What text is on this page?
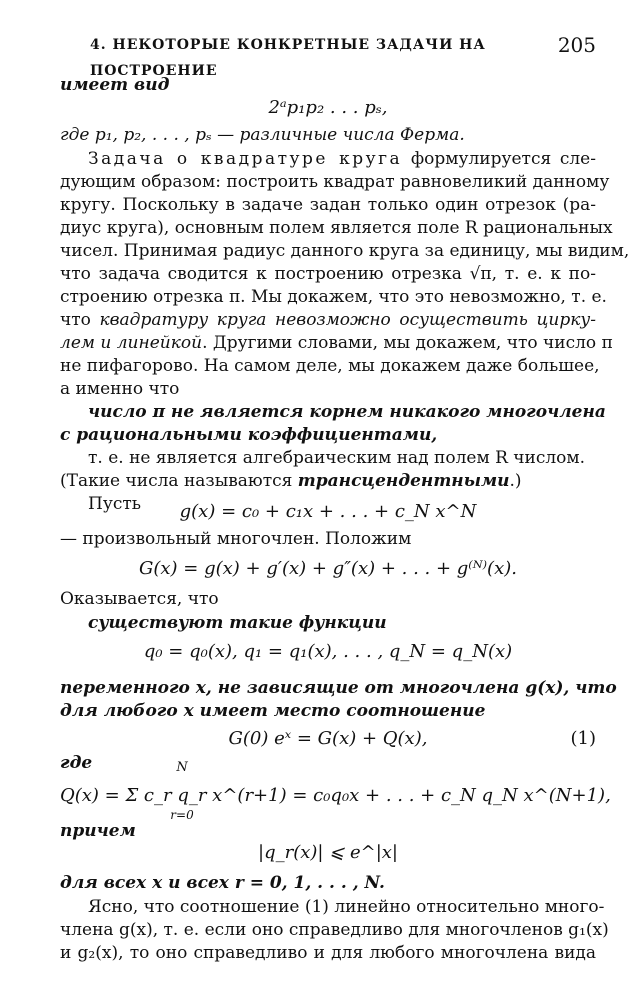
4. НЕКОТОРЫЕ КОНКРЕТНЫЕ ЗАДАЧИ НА ПОСТРОЕНИЕ
205
имеет вид
2ᵃp₁p₂ . . . pₛ,
где p₁, p₂, . . . , pₛ — различные числа Ферма.
Задача о квадратуре круга формулируется сле-
дующим образом: построить квадрат равновеликий данному
кругу. Поскольку в задаче задан только один отрезок (ра-
диус круга), основным полем является поле R рациональных
чисел. Принимая радиус данного круга за единицу, мы видим,
что задача сводится к построению отрезка √π, т. е. к по-
строению отрезка π. Мы докажем, что это невозможно, т. е.
что квадратуру круга невозможно осуществить цирку-
лем и линейкой. Другими словами, мы докажем, что число π
не пифагорово. На самом деле, мы докажем даже большее,
а именно что
число π не является корнем никакого многочлена
с рациональными коэффициентами,
т. е. не является алгебраическим над полем R числом.
(Такие числа называются трансцендентными.)
Пусть	g(x) = c₀ + c₁x + . . . + c_N x^N
— произвольный многочлен. Положим
G(x) = g(x) + g′(x) + g″(x) + . . . + g⁽ᴺ⁾(x).
Оказывается, что
существуют такие функции
q₀ = q₀(x), q₁ = q₁(x), . . . , q_N = q_N(x)
переменного x, не зависящие от многочлена g(x), что
для любого x имеет место соотношение
G(0) eˣ = G(x) + Q(x),	(1)
где	N
Q(x) = Σ c_r q_r x^(r+1) = c₀q₀x + . . . + c_N q_N x^(N+1),
r=0
причем
|q_r(x)| ⩽ e^|x|
для всех x и всех r = 0, 1, . . . , N.
Ясно, что соотношение (1) линейно относительно много-
члена g(x), т. е. если оно справедливо для многочленов g₁(x)
и g₂(x), то оно справедливо и для любого многочлена вида
